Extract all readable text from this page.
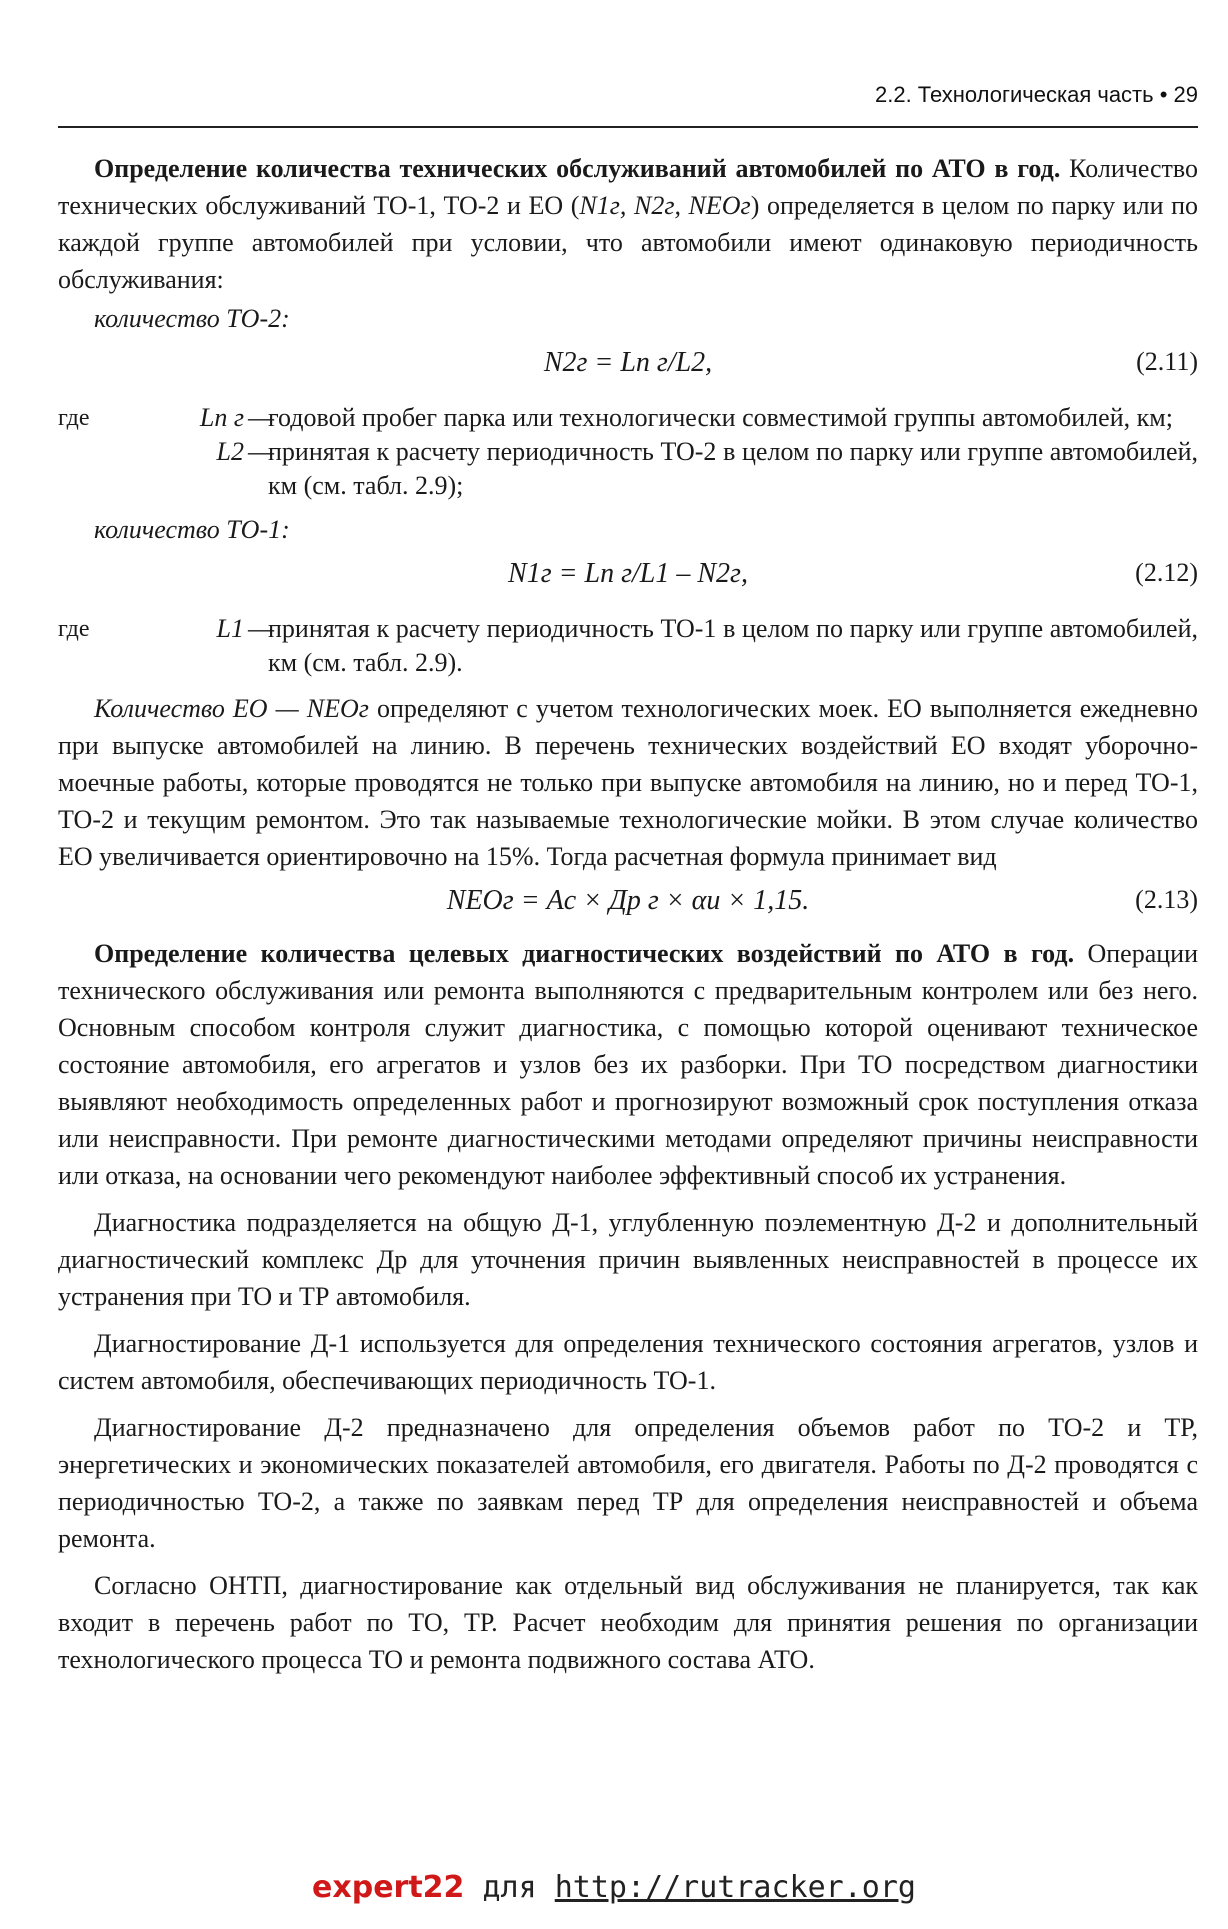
2.2. Технологическая часть • 29

Определение количества технических обслуживаний автомобилей по АТО в год. Количество технических обслуживаний ТО-1, ТО-2 и ЕО (N1г, N2г, NEOг) определяется в целом по парку или по каждой группе автомобилей при условии, что автомобили имеют одинаковую периодичность обслуживания:

количество ТО-2:
N2г = Lп г/L2,	(2.11)
где	Lп г —
годовой пробег парка или технологически совместимой группы автомобилей, км;
L2 —
принятая к расчету периодичность ТО-2 в целом по парку или группе автомобилей, км (см. табл. 2.9);
количество ТО-1:
N1г = Lп г/L1 – N2г,	(2.12)
где	L1 —
принятая к расчету периодичность ТО-1 в целом по парку или группе автомобилей, км (см. табл. 2.9).

Количество ЕО — NEOг определяют с учетом технологических моек. ЕО выполняется ежедневно при выпуске автомобилей на линию. В перечень технических воздействий ЕО входят уборочно-моечные работы, которые проводятся не только при выпуске автомобиля на линию, но и перед ТО-1, ТО-2 и текущим ремонтом. Это так называемые технологические мойки. В этом случае количество ЕО увеличивается ориентировочно на 15%. Тогда расчетная формула принимает вид

NEOг = Aс × Дp г × αи × 1,15.	(2.13)

Определение количества целевых диагностических воздействий по АТО в год. Операции технического обслуживания или ремонта выполняются с предварительным контролем или без него. Основным способом контроля служит диагностика, с помощью которой оценивают техническое состояние автомобиля, его агрегатов и узлов без их разборки. При ТО посредством диагностики выявляют необходимость определенных работ и прогнозируют возможный срок поступления отказа или неисправности. При ремонте диагностическими методами определяют причины неисправности или отказа, на основании чего рекомендуют наиболее эффективный способ их устранения.

Диагностика подразделяется на общую Д-1, углубленную поэлементную Д-2 и дополнительный диагностический комплекс Дp для уточнения причин выявленных неисправностей в процессе их устранения при ТО и ТР автомобиля.

Диагностирование Д-1 используется для определения технического состояния агрегатов, узлов и систем автомобиля, обеспечивающих периодичность ТО-1.

Диагностирование Д-2 предназначено для определения объемов работ по ТО-2 и ТР, энергетических и экономических показателей автомобиля, его двигателя. Работы по Д-2 проводятся с периодичностью ТО-2, а также по заявкам перед ТР для определения неисправностей и объема ремонта.

Согласно ОНТП, диагностирование как отдельный вид обслуживания не планируется, так как входит в перечень работ по ТО, ТР. Расчет необходим для принятия решения по организации технологического процесса ТО и ремонта подвижного состава АТО.

expert22 для http://rutracker.org
